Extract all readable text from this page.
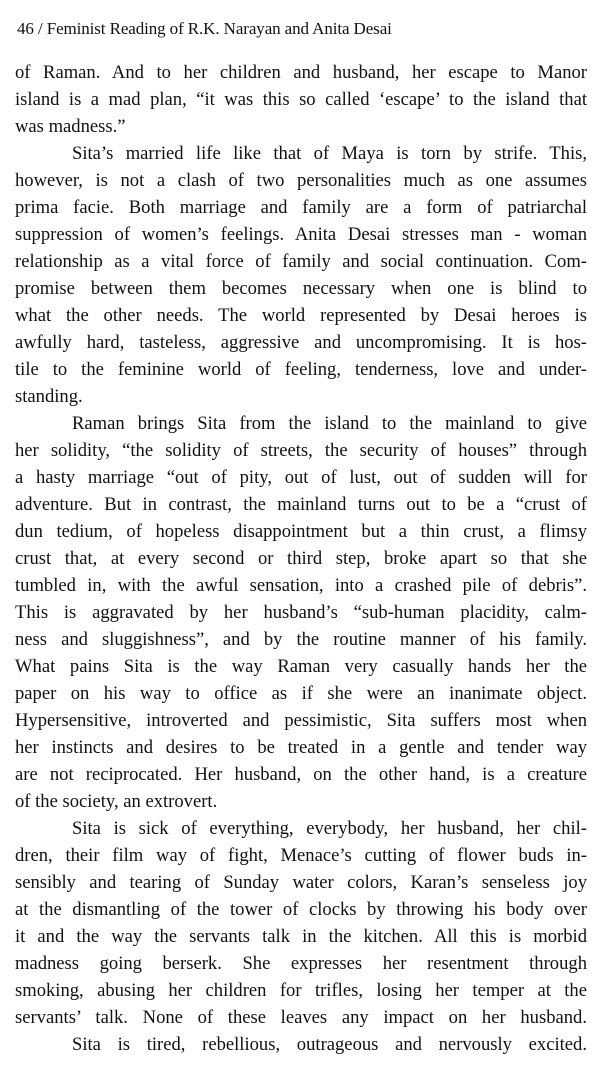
46 / Feminist Reading of R.K. Narayan and Anita Desai
of Raman. And to her children and husband, her escape to Manor
island is a mad plan, “it was this so called ‘escape’ to the island that
was madness.”
Sita’s married life like that of Maya is torn by strife. This,
however, is not a clash of two personalities much as one assumes
prima facie. Both marriage and family are a form of patriarchal
suppression of women’s feelings. Anita Desai stresses man - woman
relationship as a vital force of family and social continuation. Com-
promise between them becomes necessary when one is blind to
what the other needs. The world represented by Desai heroes is
awfully hard, tasteless, aggressive and uncompromising. It is hos-
tile to the feminine world of feeling, tenderness, love and under-
standing.
Raman brings Sita from the island to the mainland to give
her solidity, “the solidity of streets, the security of houses” through
a hasty marriage “out of pity, out of lust, out of sudden will for
adventure. But in contrast, the mainland turns out to be a “crust of
dun tedium, of hopeless disappointment but a thin crust, a flimsy
crust that, at every second or third step, broke apart so that she
tumbled in, with the awful sensation, into a crashed pile of debris”.
This is aggravated by her husband’s “sub-human placidity, calm-
ness and sluggishness”, and by the routine manner of his family.
What pains Sita is the way Raman very casually hands her the
paper on his way to office as if she were an inanimate object.
Hypersensitive, introverted and pessimistic, Sita suffers most when
her instincts and desires to be treated in a gentle and tender way
are not reciprocated. Her husband, on the other hand, is a creature
of the society, an extrovert.
Sita is sick of everything, everybody, her husband, her chil-
dren, their film way of fight, Menace’s cutting of flower buds in-
sensibly and tearing of Sunday water colors, Karan’s senseless joy
at the dismantling of the tower of clocks by throwing his body over
it and the way the servants talk in the kitchen. All this is morbid
madness going berserk. She expresses her resentment through
smoking, abusing her children for trifles, losing her temper at the
servants’ talk. None of these leaves any impact on her husband.
Sita is tired, rebellious, outrageous and nervously excited.
